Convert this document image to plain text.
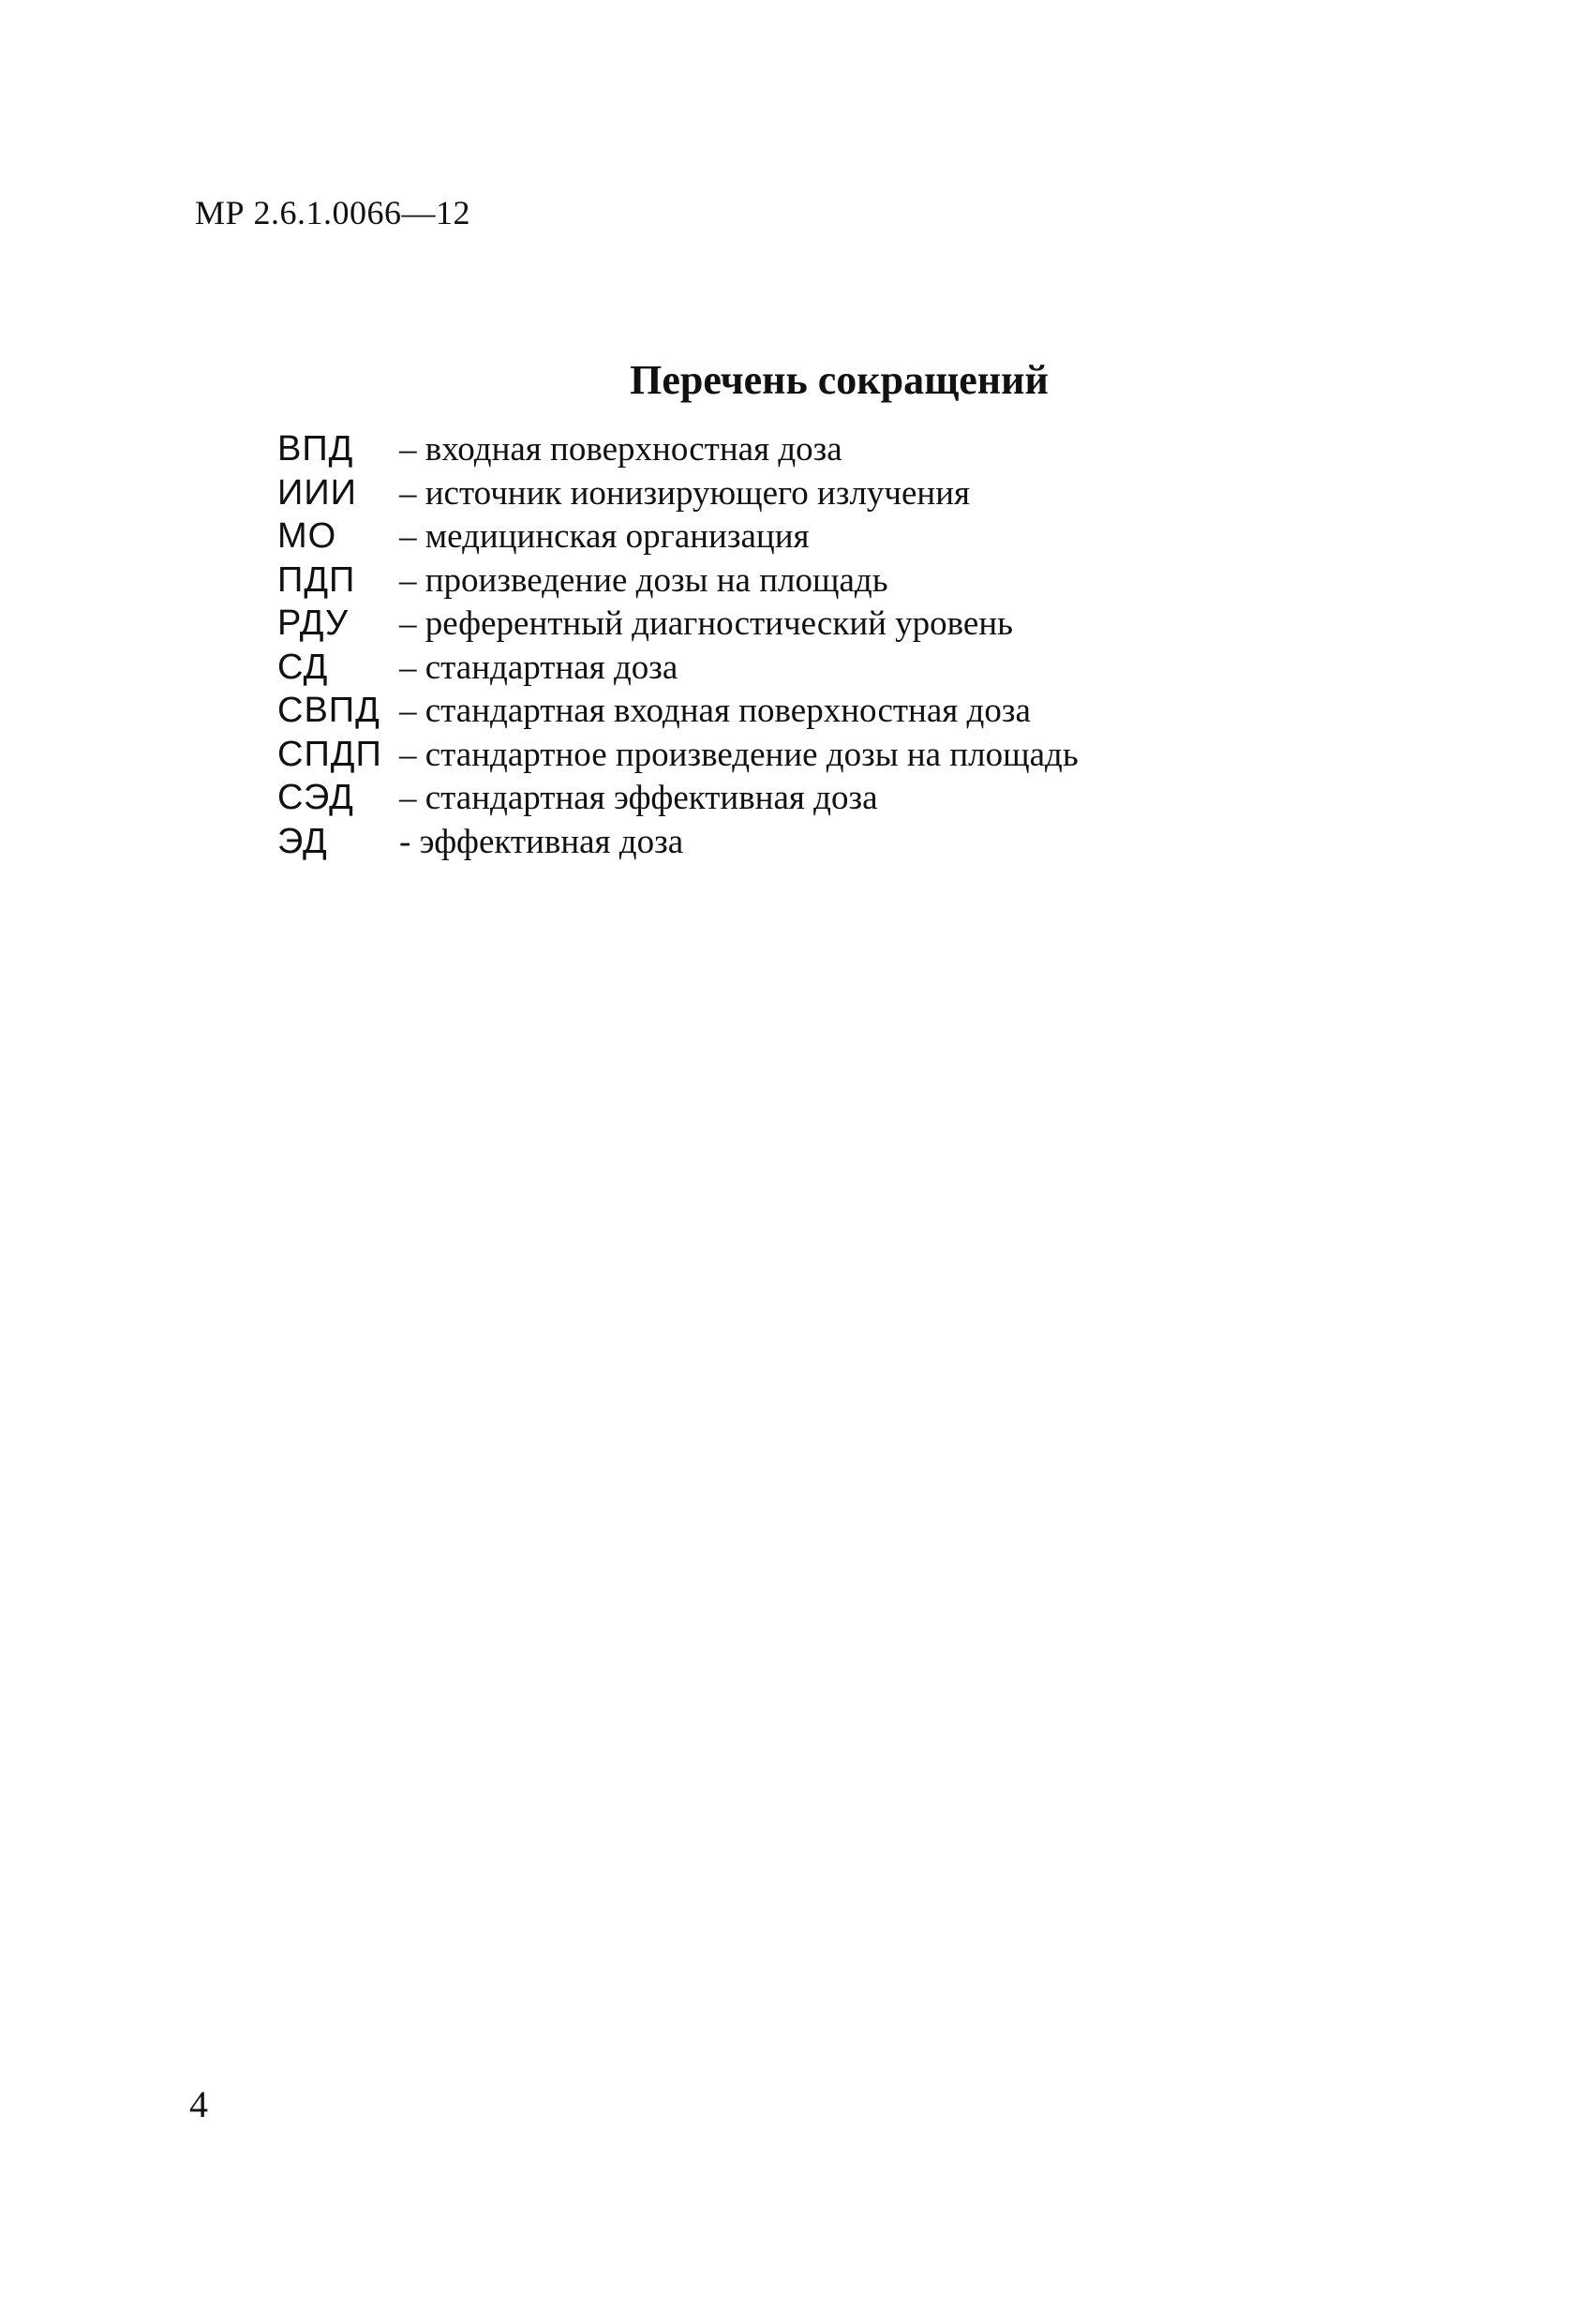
МР 2.6.1.0066—12
Перечень сокращений
ВПД	– входная поверхностная доза
ИИИ	– источник ионизирующего излучения
МО	– медицинская организация
ПДП	– произведение дозы на площадь
РДУ	– референтный диагностический уровень
СД	– стандартная доза
СВПД – стандартная входная поверхностная доза
СПДП – стандартное произведение дозы на площадь
СЭД	– стандартная эффективная доза
ЭД	- эффективная доза
4
